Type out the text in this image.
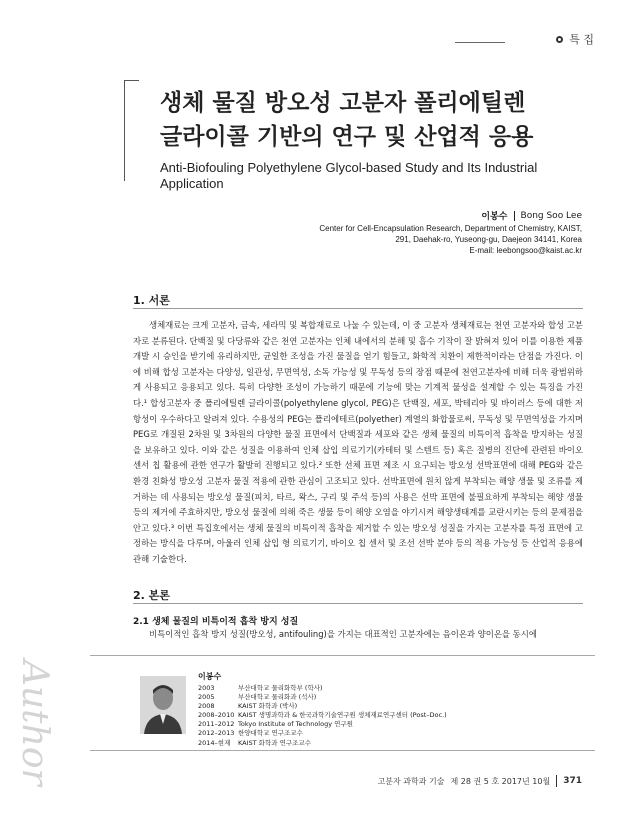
특 집
생체 물질 방오성 고분자 폴리에틸렌
글라이콜 기반의 연구 및 산업적 응용
Anti-Biofouling Polyethylene Glycol-based Study and Its Industrial Application
이봉수 Bong Soo Lee
Center for Cell-Encapsulation Research, Department of Chemistry, KAIST,
291, Daehak-ro, Yuseong-gu, Daejeon 34141, Korea
E-mail: leebongsoo@kaist.ac.kr
1. 서론

생체재료는 크게 고분자, 금속, 세라믹 및 복합재료로 나눌 수 있는데, 이 중 고분자 생체재료는 천연 고분자와 합성 고분자로 분류된다. 단백질 및 다당류와 같은 천연 고분자는 인체 내에서의 분해 및 흡수 기작이 잘 밝혀져 있어 이를 이용한 제품 개발 시 승인을 받기에 유리하지만, 균일한 조성을 가진 물질을 얻기 힘들고, 화학적 치환이 제한적이라는 단점을 가진다. 이에 비해 합성 고분자는 다양성, 일관성, 무면역성, 소독 가능성 및 무독성 등의 장점 때문에 천연고분자에 비해 더욱 광범위하게 사용되고 응용되고 있다. 특히 다양한 조성이 가능하기 때문에 기능에 맞는 기계적 물성을 설계할 수 있는 특징을 가진다.¹ 합성고분자 중 폴리에틸렌 글라이콜(polyethylene glycol, PEG)은 단백질, 세포, 박테리아 및 바이러스 등에 대한 저항성이 우수하다고 알려져 있다. 수용성의 PEG는 폴리에테르(polyether) 계열의 화합물로써, 무독성 및 무면역성을 가지며 PEG로 개질된 2차원 및 3차원의 다양한 물질 표면에서 단백질과 세포와 같은 생체 물질의 비특이적 흡착을 방지하는 성질을 보유하고 있다. 이와 같은 성질을 이용하여 인체 삽입 의료기기(카테터 및 스텐트 등) 혹은 질병의 진단에 관련된 바이오 센서 칩 활용에 관한 연구가 활발히 진행되고 있다.² 또한 선체 표면 제조 시 요구되는 방오성 선박표면에 대해 PEG와 같은 환경 친화성 방오성 고분자 물질 적용에 관한 관심이 고조되고 있다. 선박표면에 원치 않게 부착되는 해양 생물 및 조류를 제거하는 데 사용되는 방오성 물질(피치, 타르, 왁스, 구리 및 주석 등)의 사용은 선박 표면에 불필요하게 부착되는 해양 생물 등의 제거에 주효하지만, 방오성 물질에 의해 죽은 생물 등이 해양 오염을 야기시켜 해양생태계를 교란시키는 등의 문제점을 안고 있다.³ 이번 특집호에서는 생체 물질의 비특이적 흡착을 제거할 수 있는 방오성 성질을 가지는 고분자를 특정 표면에 고정하는 방식을 다루며, 아울러 인체 삽입 형 의료기기, 바이오 칩 센서 및 조선 선박 분야 등의 적용 가능성 등 산업적 응용에 관해 기술한다.

2. 본론
2.1 생체 물질의 비특이적 흡착 방지 성질

비특이적인 흡착 방지 성질(방오성, antifouling)을 가지는 대표적인 고분자에는 음이온과 양이온을 동시에

Author	이봉수
2003	부산대학교 물리화학부 (학사)
2005	부산대학교 물리화과 (석사)
2008	KAIST 화학과 (박사)
2008–2010 KAIST 생명과학과 & 한국과학기술연구원 생체재료연구센터 (Post–Doc.)
2011–2012 Tokyo Institute of Technology 연구원
2012–2013 한양대학교 연구조교수
2014–현재	KAIST 화학과 연구조교수
고분자 과학과 기술 제 28 권 5 호 2017년 10월 371
